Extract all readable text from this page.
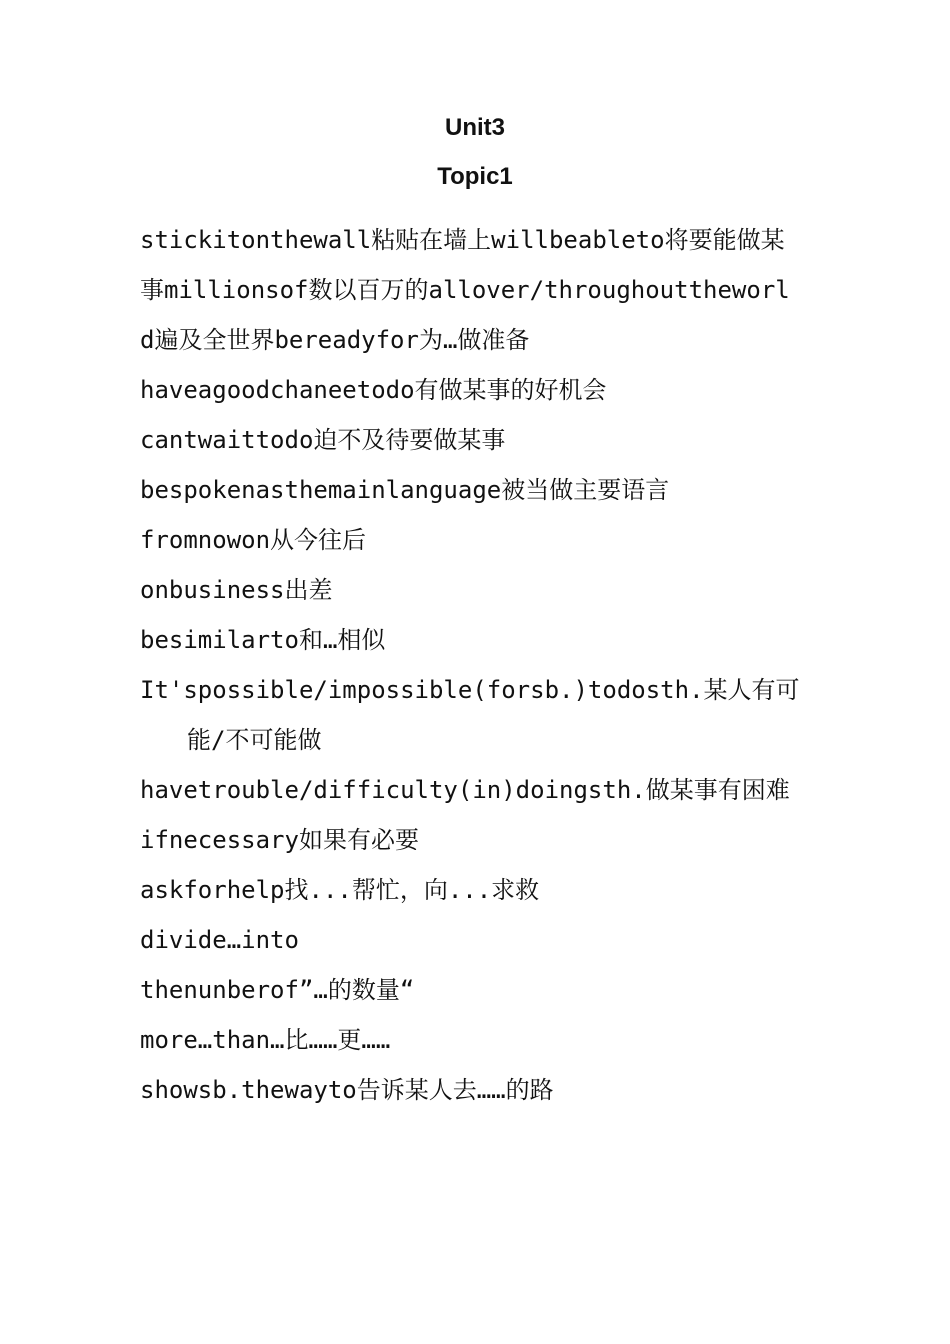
Unit3
Topic1

stickitonthewall粘贴在墙上willbeableto将要能做某事millionsof数以百万的allover/throughouttheworld遍及全世界bereadyfor为…做准备

haveagoodchaneetodo有做某事的好机会

cantwaittodo迫不及待要做某事

bespokenasthemainlanguage被当做主要语言

fromnowon从今往后

onbusiness出差

besimilarto和…相似

It'spossible/impossible(forsb.)todosth.某人有可能/不可能做

havetrouble/difficulty(in)doingsth.做某事有困难

ifnecessary如果有必要

askforhelp找...帮忙，向...求救

divide…into

thenunberof”…的数量“

more…than…比……更……

showsb.thewayto告诉某人去……的路
